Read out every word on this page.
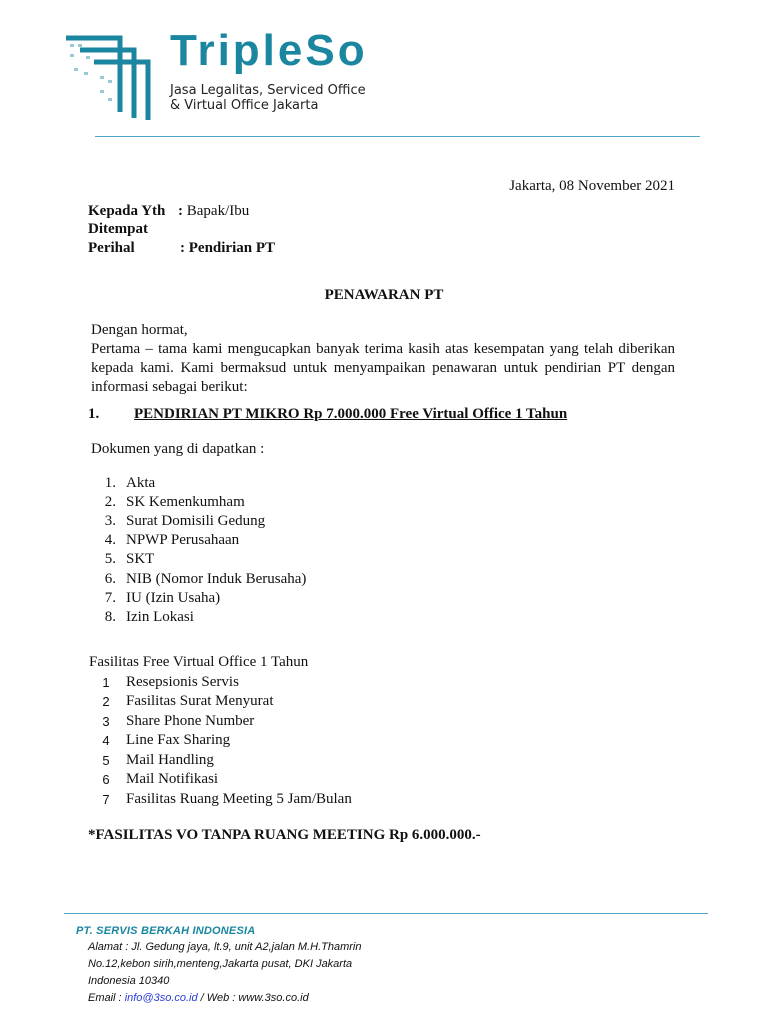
TripleSo
Jasa Legalitas, Serviced Office
& Virtual Office Jakarta
Jakarta, 08 November 2021
Kepada Yth : Bapak/Ibu
Ditempat
Perihal	: Pendirian PT
PENAWARAN PT
Dengan hormat,
Pertama – tama kami mengucapkan banyak terima kasih atas kesempatan yang telah diberikan kepada kami. Kami bermaksud untuk menyampaikan penawaran untuk pendirian PT dengan informasi sebagai berikut:
1. PENDIRIAN PT MIKRO Rp 7.000.000 Free Virtual Office 1 Tahun
Dokumen yang di dapatkan :
1. Akta
2. SK Kemenkumham
3. Surat Domisili Gedung
4. NPWP Perusahaan
5. SKT
6. NIB (Nomor Induk Berusaha)
7. IU (Izin Usaha)
8. Izin Lokasi
Fasilitas Free Virtual Office 1 Tahun
1 Resepsionis Servis
2 Fasilitas Surat Menyurat
3 Share Phone Number
4 Line Fax Sharing
5 Mail Handling
6 Mail Notifikasi
7 Fasilitas Ruang Meeting 5 Jam/Bulan
*FASILITAS VO TANPA RUANG MEETING Rp 6.000.000.-
PT. SERVIS BERKAH INDONESIA
Alamat : Jl. Gedung jaya, lt.9, unit A2,jalan M.H.Thamrin
No.12,kebon sirih,menteng,Jakarta pusat, DKI Jakarta
Indonesia 10340
Email : info@3so.co.id / Web : www.3so.co.id
